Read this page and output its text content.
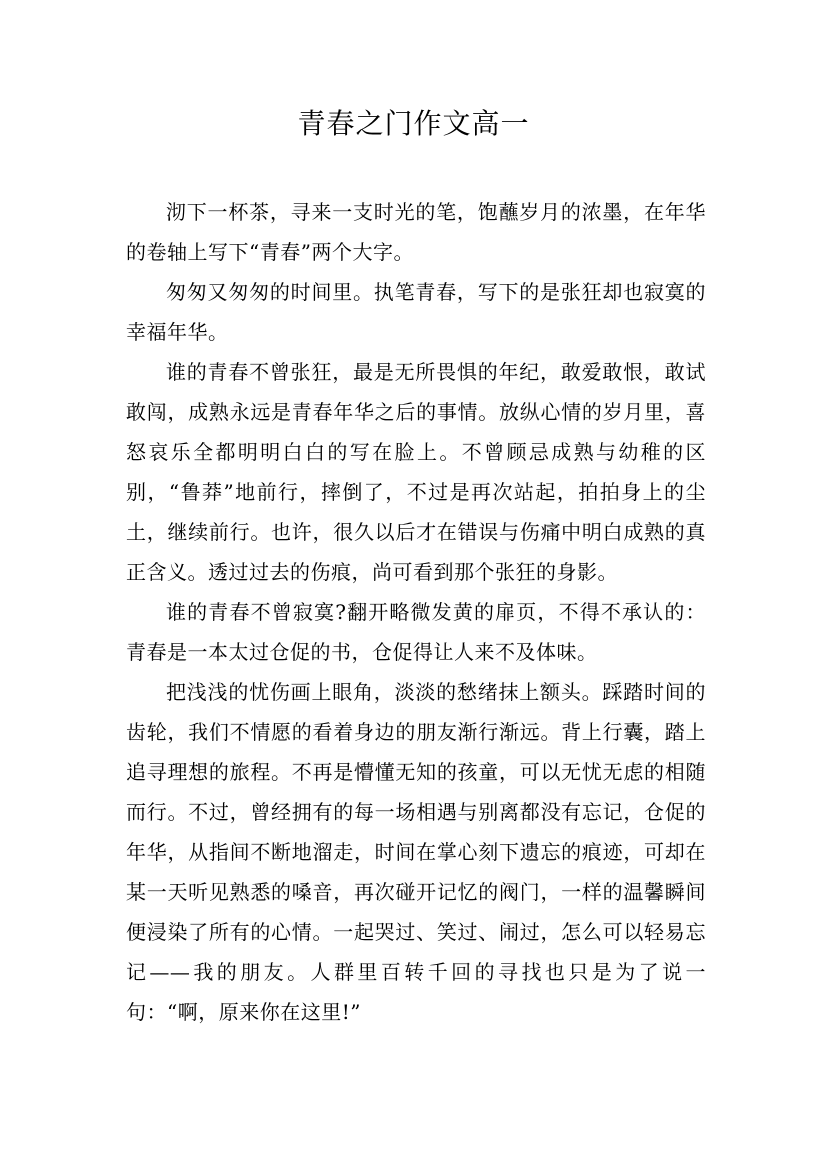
青春之门作文高一

沏下一杯茶，寻来一支时光的笔，饱蘸岁月的浓墨，在年华的卷轴上写下“青春”两个大字。

匆匆又匆匆的时间里。执笔青春，写下的是张狂却也寂寞的幸福年华。

谁的青春不曾张狂，最是无所畏惧的年纪，敢爱敢恨，敢试敢闯，成熟永远是青春年华之后的事情。放纵心情的岁月里，喜怒哀乐全都明明白白的写在脸上。不曾顾忌成熟与幼稚的区别，“鲁莽”地前行，摔倒了，不过是再次站起，拍拍身上的尘土，继续前行。也许，很久以后才在错误与伤痛中明白成熟的真正含义。透过过去的伤痕，尚可看到那个张狂的身影。

谁的青春不曾寂寞?翻开略微发黄的扉页，不得不承认的：青春是一本太过仓促的书，仓促得让人来不及体味。

把浅浅的忧伤画上眼角，淡淡的愁绪抹上额头。踩踏时间的齿轮，我们不情愿的看着身边的朋友渐行渐远。背上行囊，踏上追寻理想的旅程。不再是懵懂无知的孩童，可以无忧无虑的相随而行。不过，曾经拥有的每一场相遇与别离都没有忘记，仓促的年华，从指间不断地溜走，时间在掌心刻下遗忘的痕迹，可却在某一天听见熟悉的嗓音，再次碰开记忆的阀门，一样的温馨瞬间便浸染了所有的心情。一起哭过、笑过、闹过，怎么可以轻易忘记——我的朋友。人群里百转千回的寻找也只是为了说一句：“啊，原来你在这里!”
